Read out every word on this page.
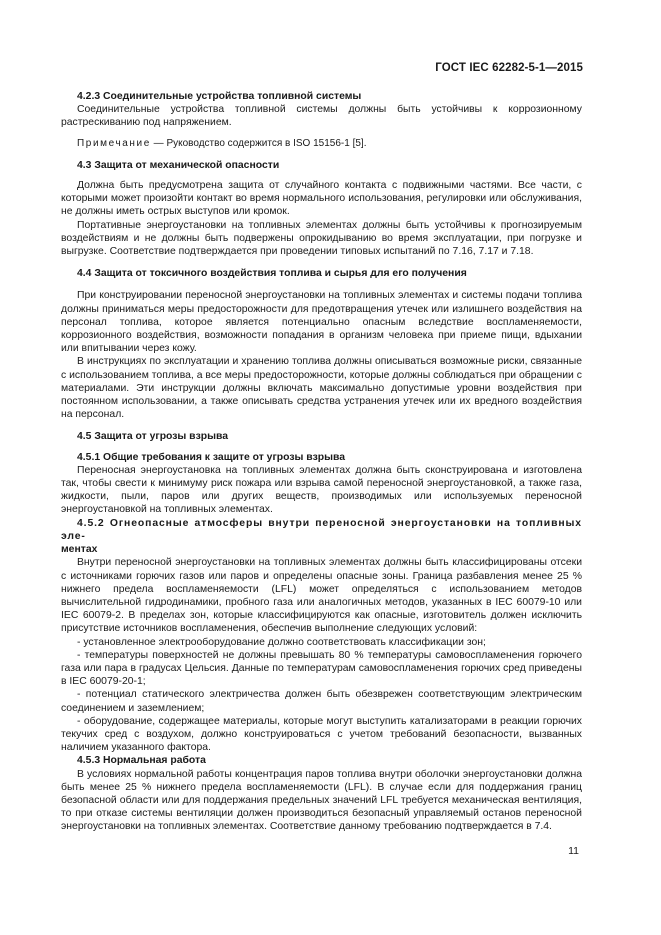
ГОСТ IEC 62282-5-1—2015

4.2.3 Соединительные устройства топливной системы

Соединительные устройства топливной системы должны быть устойчивы к коррозионному растрескиванию под напряжением.

Примечание — Руководство содержится в ISO 15156-1 [5].

4.3 Защита от механической опасности

Должна быть предусмотрена защита от случайного контакта с подвижными частями. Все части, с которыми может произойти контакт во время нормального использования, регулировки или обслуживания, не должны иметь острых выступов или кромок.

Портативные энергоустановки на топливных элементах должны быть устойчивы к прогнозируемым воздействиям и не должны быть подвержены опрокидыванию во время эксплуатации, при погрузке и выгрузке. Соответствие подтверждается при проведении типовых испытаний по 7.16, 7.17 и 7.18.

4.4 Защита от токсичного воздействия топлива и сырья для его получения

При конструировании переносной энергоустановки на топливных элементах и системы подачи топлива должны приниматься меры предосторожности для предотвращения утечек или излишнего воздействия на персонал топлива, которое является потенциально опасным вследствие воспламеняемости, коррозионного воздействия, возможности попадания в организм человека при приеме пищи, вдыхании или впитывании через кожу.

В инструкциях по эксплуатации и хранению топлива должны описываться возможные риски, связанные с использованием топлива, а все меры предосторожности, которые должны соблюдаться при обращении с материалами. Эти инструкции должны включать максимально допустимые уровни воздействия при постоянном использовании, а также описывать средства устранения утечек или их вредного воздействия на персонал.

4.5 Защита от угрозы взрыва

4.5.1 Общие требования к защите от угрозы взрыва

Переносная энергоустановка на топливных элементах должна быть сконструирована и изготовлена так, чтобы свести к минимуму риск пожара или взрыва самой переносной энергоустановкой, а также газа, жидкости, пыли, паров или других веществ, производимых или используемых переносной энергоустановкой на топливных элементах.

4.5.2 Огнеопасные атмосферы внутри переносной энергоустановки на топливных эле-

ментах

Внутри переносной энергоустановки на топливных элементах должны быть классифицированы отсеки с источниками горючих газов или паров и определены опасные зоны. Граница разбавления менее 25 % нижнего предела воспламеняемости (LFL) может определяться с использованием методов вычислительной гидродинамики, пробного газа или аналогичных методов, указанных в IEC 60079-10 или IEC 60079-2. В пределах зон, которые классифицируются как опасные, изготовитель должен исключить присутствие источников воспламенения, обеспечив выполнение следующих условий:

- установленное электрооборудование должно соответствовать классификации зон;

- температуры поверхностей не должны превышать 80 % температуры самовоспламенения горючего газа или пара в градусах Цельсия. Данные по температурам самовоспламенения горючих сред приведены в IEC 60079-20-1;

- потенциал статического электричества должен быть обезврежен соответствующим электрическим соединением и заземлением;

- оборудование, содержащее материалы, которые могут выступить катализаторами в реакции горючих текучих сред с воздухом, должно конструироваться с учетом требований безопасности, вызванных наличием указанного фактора.

4.5.3 Нормальная работа

В условиях нормальной работы концентрация паров топлива внутри оболочки энергоустановки должна быть менее 25 % нижнего предела воспламеняемости (LFL). В случае если для поддержания границ безопасной области или для поддержания предельных значений LFL требуется механическая вентиляция, то при отказе системы вентиляции должен производиться безопасный управляемый останов переносной энергоустановки на топливных элементах. Соответствие данному требованию подтверждается в 7.4.

11
